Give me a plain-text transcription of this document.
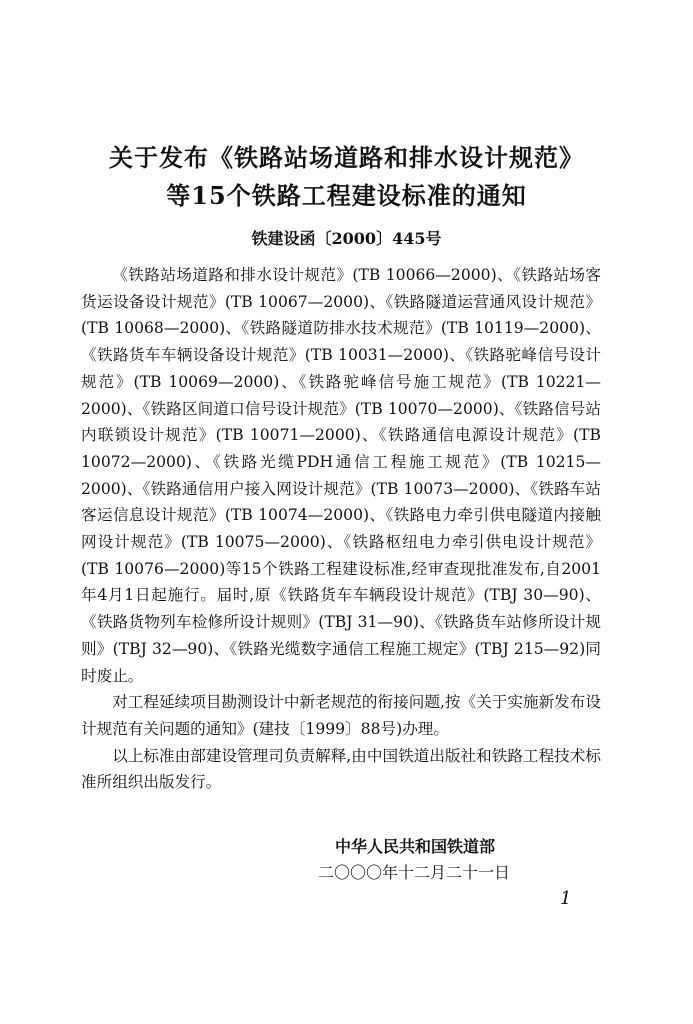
关于发布《铁路站场道路和排水设计规范》
等15个铁路工程建设标准的通知
铁建设函〔2000〕445号

《铁路站场道路和排水设计规范》(TB 10066—2000)、《铁路站场客货运设备设计规范》(TB 10067—2000)、《铁路隧道运营通风设计规范》(TB 10068—2000)、《铁路隧道防排水技术规范》(TB 10119—2000)、《铁路货车车辆设备设计规范》(TB 10031—2000)、《铁路驼峰信号设计规范》(TB 10069—2000)、《铁路驼峰信号施工规范》(TB 10221—2000)、《铁路区间道口信号设计规范》(TB 10070—2000)、《铁路信号站内联锁设计规范》(TB 10071—2000)、《铁路通信电源设计规范》(TB 10072—2000)、《铁路光缆PDH通信工程施工规范》(TB 10215—2000)、《铁路通信用户接入网设计规范》(TB 10073—2000)、《铁路车站客运信息设计规范》(TB 10074—2000)、《铁路电力牵引供电隧道内接触网设计规范》(TB 10075—2000)、《铁路枢纽电力牵引供电设计规范》(TB 10076—2000)等15个铁路工程建设标准,经审查现批准发布,自2001年4月1日起施行。届时,原《铁路货车车辆段设计规范》(TBJ 30—90)、《铁路货物列车检修所设计规则》(TBJ 31—90)、《铁路货车站修所设计规则》(TBJ 32—90)、《铁路光缆数字通信工程施工规定》(TBJ 215—92)同时废止。

对工程延续项目勘测设计中新老规范的衔接问题,按《关于实施新发布设计规范有关问题的通知》(建技〔1999〕88号)办理。

以上标准由部建设管理司负责解释,由中国铁道出版社和铁路工程技术标准所组织出版发行。

中华人民共和国铁道部
二〇〇〇年十二月二十一日
1
